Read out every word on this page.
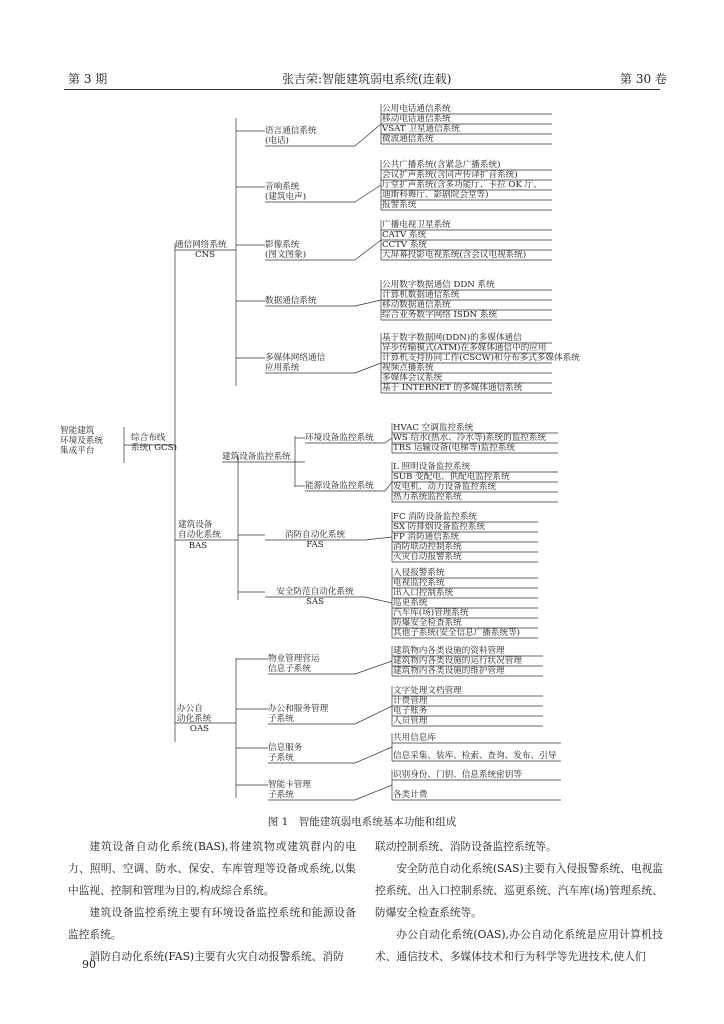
第 3 期	张吉荣:智能建筑弱电系统(连载)	第 30 卷
智能建筑
环境及系统
集成平台
综合布线
系统( GCS)
通信网络系统
CNS
语言通信系统
(电话)
公用电话通信系统
移动电话通信系统
VSAT 卫星通信系统
微波通信系统
音响系统
(建筑电声)
公共广播系统(含紧急广播系统)
会议扩声系统(含同声传译扩音系统)
厅堂扩声系统(含多功能厅、卡拉 OK 厅、
迪斯科舞厅、影剧院会堂等)
报警系统
影像系统
(图文图象)
广播电视卫星系统
CATV 系统
CCTV 系统
大屏幕投影电视系统(含会议电视系统)
数据通信系统
公用数字数据通信 DDN 系统
计算机数据通信系统
移动数据通信系统
综合业务数字网络 ISDN 系统
多媒体网络通信
应用系统
基于数字数据网(DDN)的多媒体通信
异步传输模式(ATM)在多媒体通信中的应用
计算机支持协同工作(CSCW)和分布多式多媒体系统
视频点播系统
多媒体会议系统
基于 INTERNET 的多媒体通信系统
建筑设备
自动化系统
BAS
建筑设备监控系统
环境设备监控系统
HVAC 空调监控系统
WS 给水(热水、冷水等)系统的监控系统
TRS 运输设备(电梯等)监控系统
能源设备监控系统
L 照明设备监控系统
SUB 变配电、供配电监控系统
发电机、动力设备监控系统
热力系统监控系统
消防自动化系统
FAS
FC 消防设备监控系统
SX 防排烟设备监控系统
FP 消防通信系统
消防联动控制系统
火灾自动报警系统
安全防范自动化系统
SAS
入侵报警系统
电视监控系统
出入口控制系统
巡更系统
汽车库(场)管理系统
防爆安全检查系统
其他子系统(安全信息广播系统等)
办公自
动化系统
OAS
物业管理营运
信息子系统
建筑物内各类设施的资料管理
建筑物内各类设施的运行状况管理
建筑物内各类设施的维护管理
办公和服务管理
子系统
文字处理文档管理
计费管理
电子账务
人员管理
信息服务
子系统
共用信息库
信息采集、装库、检索、查询、发布、引导
智能卡管理
子系统
识别身份、门钥、信息系统密钥等
各类计费
图 1　智能建筑弱电系统基本功能和组成

建筑设备自动化系统(BAS),将建筑物或建筑群内的电力、照明、空调、防水、保安、车库管理等设备或系统,以集中监视、控制和管理为目的,构成综合系统。

建筑设备监控系统主要有环境设备监控系统和能源设备监控系统。

消防自动化系统(FAS)主要有火灾自动报警系统、消防

联动控制系统、消防设备监控系统等。

安全防范自动化系统(SAS)主要有入侵报警系统、电视监控系统、出入口控制系统、巡更系统、汽车库(场)管理系统、防爆安全检查系统等。

办公自动化系统(OAS),办公自动化系统是应用计算机技术、通信技术、多媒体技术和行为科学等先进技术,使人们

90
